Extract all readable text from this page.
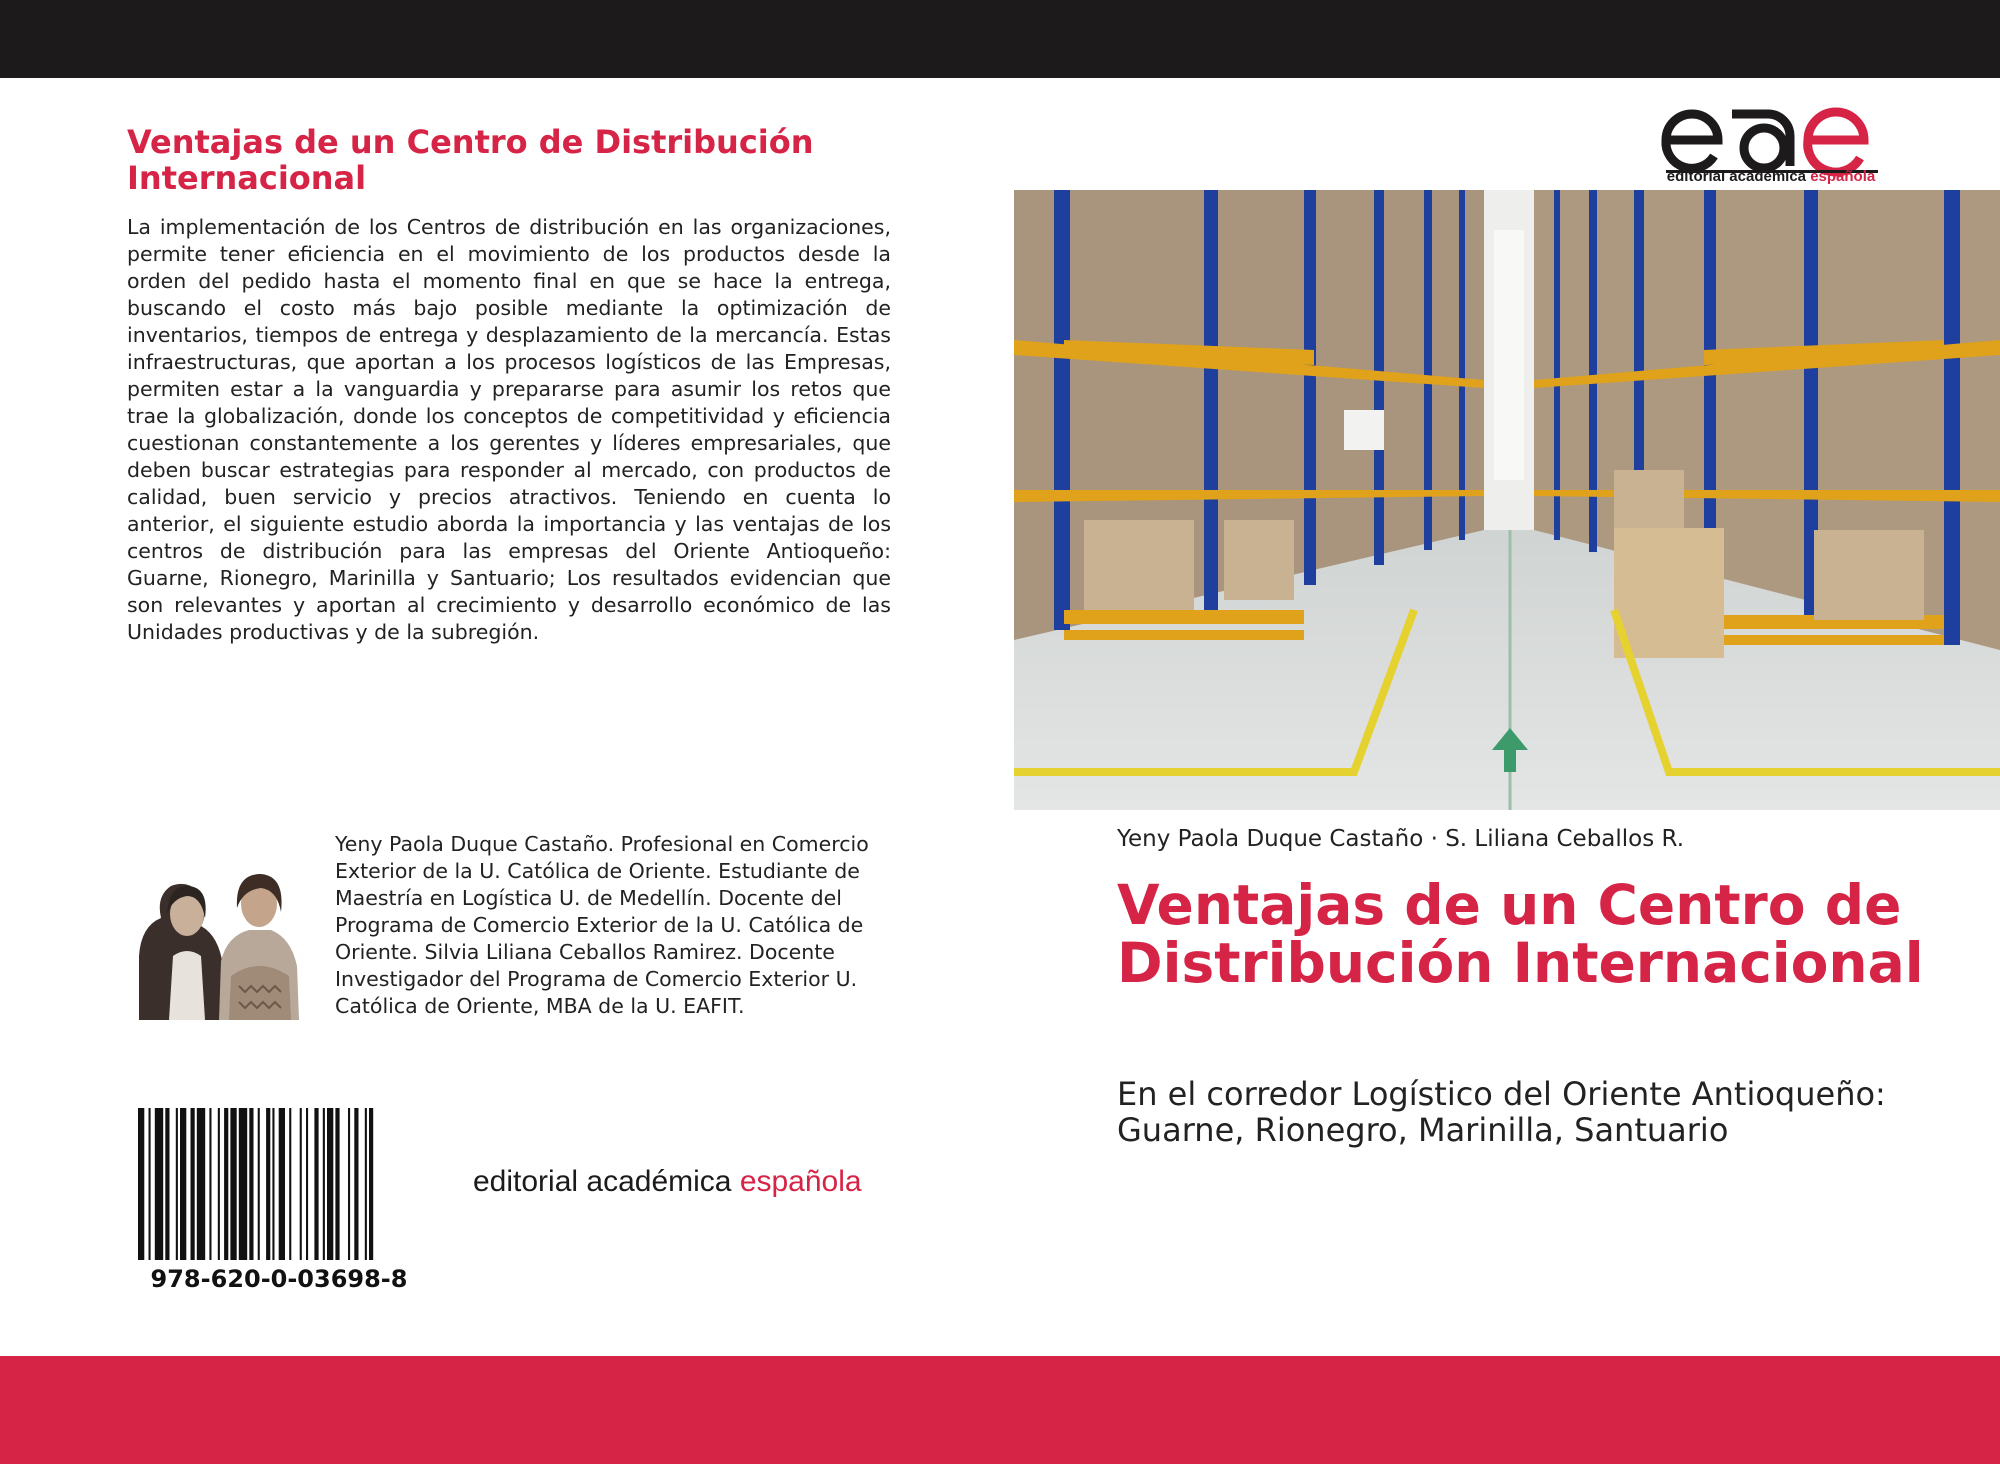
Ventajas de un Centro de Distribución Internacional

La implementación de los Centros de distribución en las organizaciones, permite tener eficiencia en el movimiento de los productos desde la orden del pedido hasta el momento final en que se hace la entrega, buscando el costo más bajo posible mediante la optimización de inventarios, tiempos de entrega y desplazamiento de la mercancía. Estas infraestructuras, que aportan a los procesos logísticos de las Empresas, permiten estar a la vanguardia y prepararse para asumir los retos que trae la globalización, donde los conceptos de competitividad y eficiencia cuestionan constantemente a los gerentes y líderes empresariales, que deben buscar estrategias para responder al mercado, con productos de calidad, buen servicio y precios atractivos. Teniendo en cuenta lo anterior, el siguiente estudio aborda la importancia y las ventajas de los centros de distribución para las empresas del Oriente Antioqueño: Guarne, Rionegro, Marinilla y Santuario; Los resultados evidencian que son relevantes y aportan al crecimiento y desarrollo económico de las Unidades productivas y de la subregión.

Yeny Paola Duque Castaño. Profesional en Comercio Exterior de la U. Católica de Oriente. Estudiante de Maestría en Logística U. de Medellín. Docente del Programa de Comercio Exterior de la U. Católica de Oriente. Silvia Liliana Ceballos Ramirez. Docente Investigador del Programa de Comercio Exterior U. Católica de Oriente, MBA de la U. EAFIT.

978-620-0-03698-8
editorial académica española
editorial académica española
Yeny Paola Duque Castaño · S. Liliana Ceballos R.
Ventajas de un Centro de Distribución Internacional

En el corredor Logístico del Oriente Antioqueño: Guarne, Rionegro, Marinilla, Santuario
